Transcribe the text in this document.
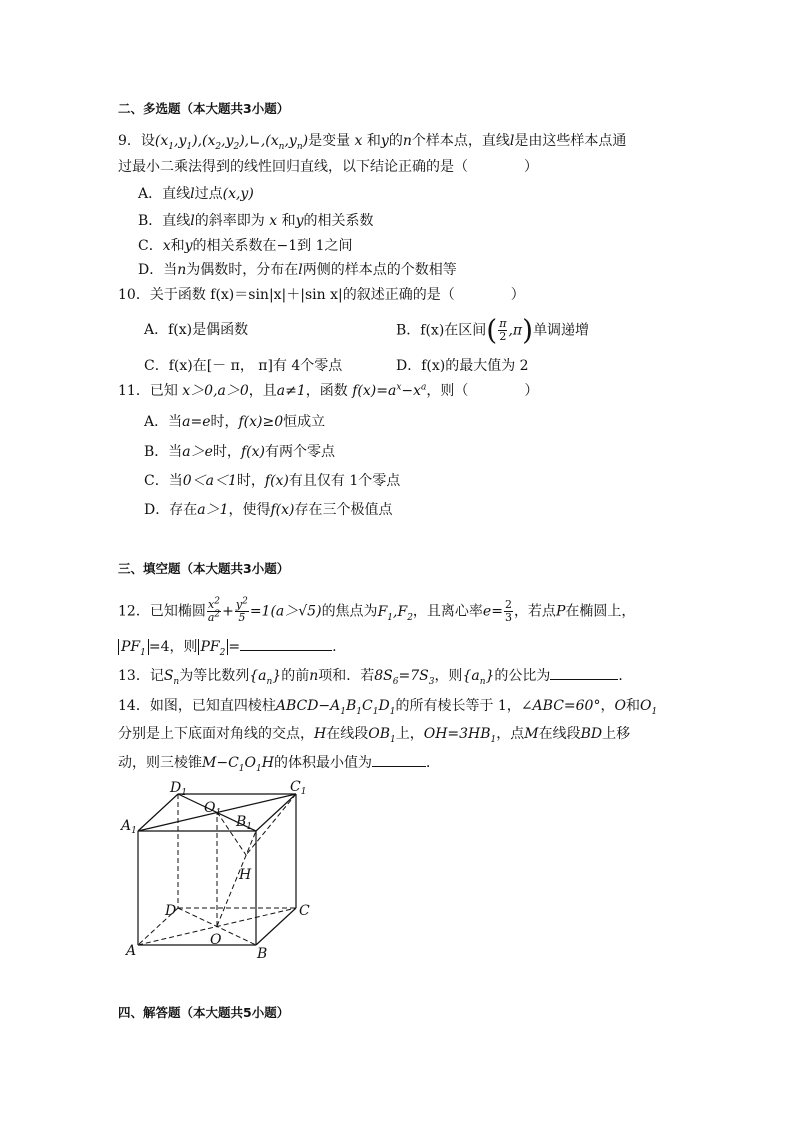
二、多选题（本大题共3小题）
9．设$(x_1,y_1),(x_2,y_2),∟,(x_n,y_n)$是变量 x 和y的n个样本点，直线l是由这些样本点通
过最小二乘法得到的线性回归直线，以下结论正确的是（　　　　）
A．直线l过点(x,y)
B．直线l的斜率即为 x 和y的相关系数
C．x和y的相关系数在−1到 1之间
D．当n为偶数时，分布在l两侧的样本点的个数相等
10．关于函数 f(x)＝sin|x|＋|sin x|的叙述正确的是（　　　　）
A．f(x)是偶函数	B．f(x)在区间( $\frac{\pi}{2} ,\pi$)单调递增
C．f(x)在[－ π， π]有 4个零点	D．f(x)的最大值为 2
11．已知 x＞0,a＞0，且a≠1，函数 $f(x)=a^x-x^a$，则（　　　　）
A．当a=e时，f(x)≥0恒成立
B．当a＞e时，f(x)有两个零点
C．当0＜a＜1时，f(x)有且仅有 1个零点
D．存在a＞1，使得f(x)存在三个极值点
三、填空题（本大题共3小题）
12．已知椭圆 $\frac{x^2}{a^2} + \frac{y^2}{5} =1(a>√5)$的焦点为$F_1,F_2$，且离心率$e= \frac{2}{3}$ ，若点P在椭圆上，
$PF_1 =4$，则 $PF_2$ =	.
13．记$S_n$为等比数列$\{a_n\}$的前n项和．若$8S_6=7S_3$，则$\{a_n\}$的公比为	．
14．如图，已知直四棱柱$ABCD-A_1B_1C_1D_1$的所有棱长等于 1，∠ABC=60°，O和$O_1$
分别是上下底面对角线的交点，H在线段$OB_1$上，$OH=3HB_1$，点M在线段BD上移
动，则三棱锥$M-C_1O_1H$的体积最小值为	．
$D_1$	$C_1$
$O_1$
$B_1$
$A_1$
H
D	C
O
A	B
四、解答题（本大题共5小题）
